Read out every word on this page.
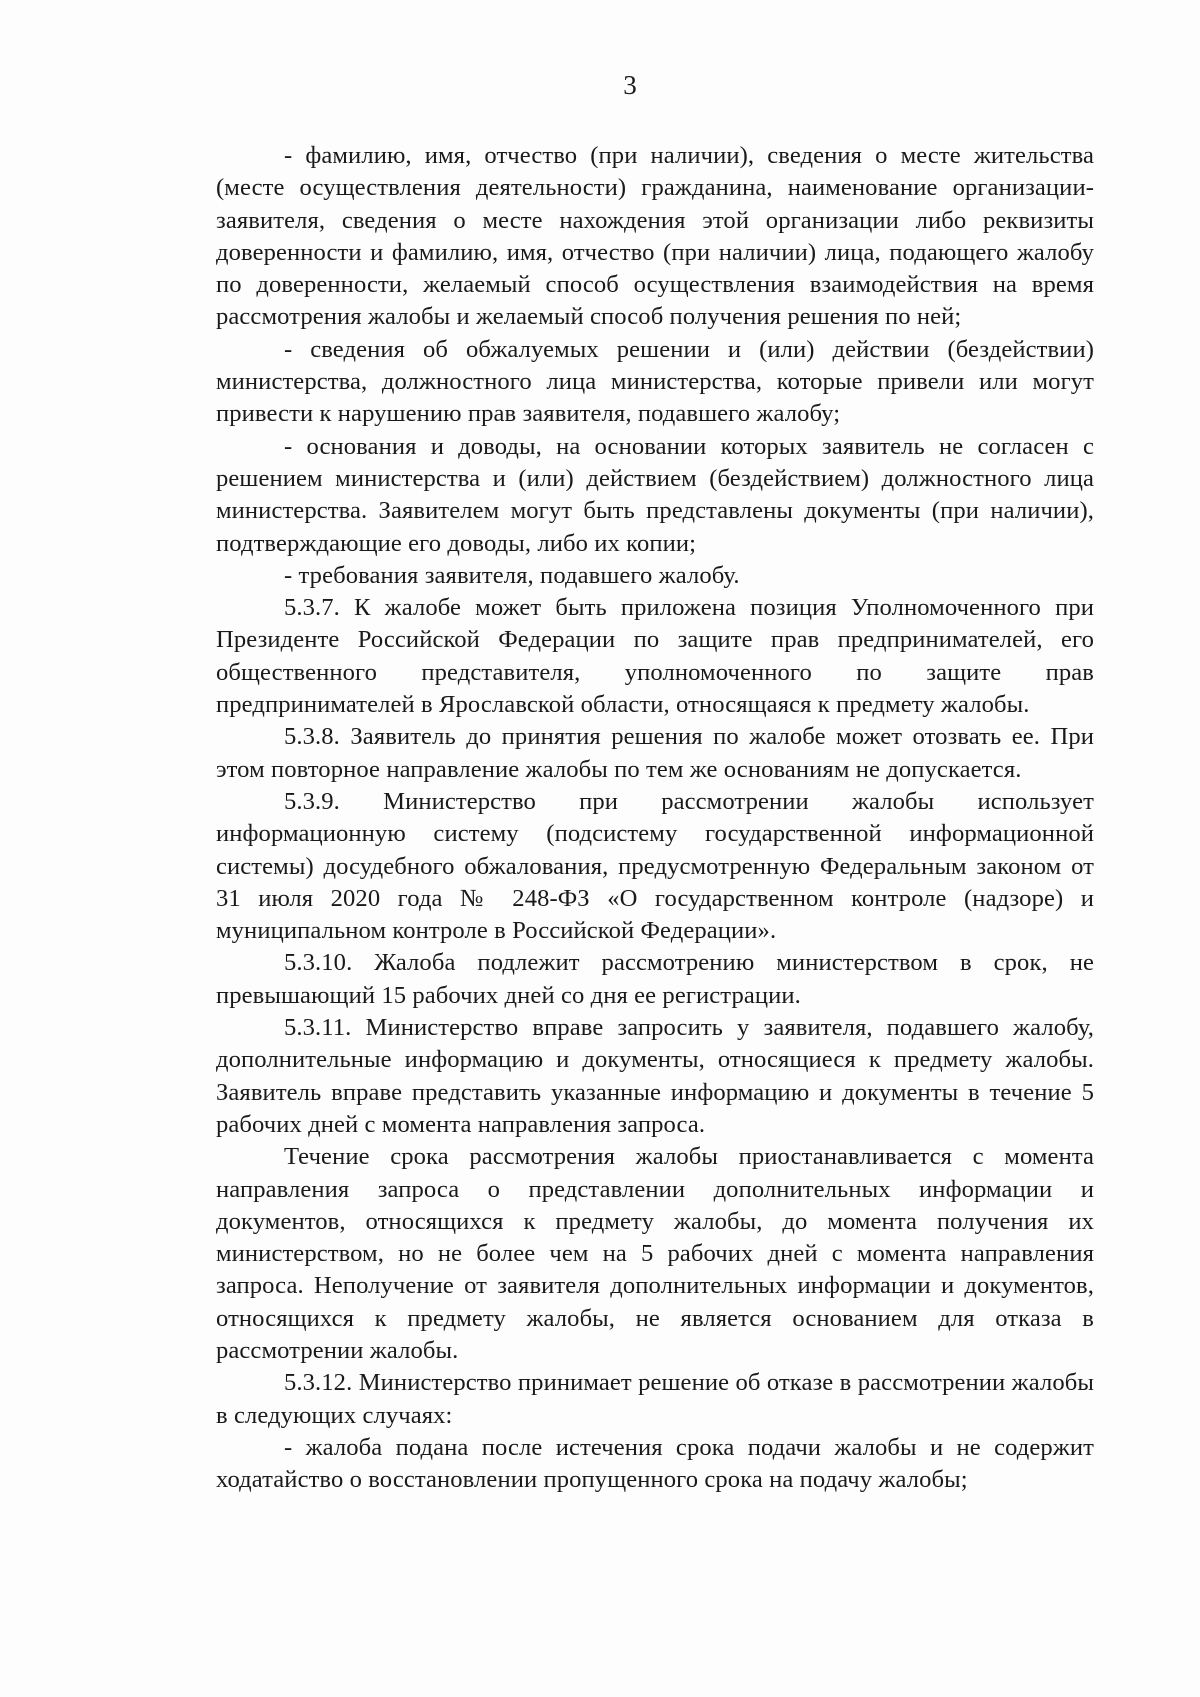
3

- фамилию, имя, отчество (при наличии), сведения о месте жительства (месте осуществления деятельности) гражданина, наименование организации-заявителя, сведения о месте нахождения этой организации либо реквизиты доверенности и фамилию, имя, отчество (при наличии) лица, подающего жалобу по доверенности, желаемый способ осуществления взаимодействия на время рассмотрения жалобы и желаемый способ получения решения по ней;

- сведения об обжалуемых решении и (или) действии (бездействии) министерства, должностного лица министерства, которые привели или могут привести к нарушению прав заявителя, подавшего жалобу;

- основания и доводы, на основании которых заявитель не согласен с решением министерства и (или) действием (бездействием) должностного лица министерства. Заявителем могут быть представлены документы (при наличии), подтверждающие его доводы, либо их копии;

- требования заявителя, подавшего жалобу.

5.3.7. К жалобе может быть приложена позиция Уполномоченного при Президенте Российской Федерации по защите прав предпринимателей, его общественного представителя, уполномоченного по защите прав предпринимателей в Ярославской области, относящаяся к предмету жалобы.

5.3.8. Заявитель до принятия решения по жалобе может отозвать ее. При этом повторное направление жалобы по тем же основаниям не допускается.

5.3.9. Министерство при рассмотрении жалобы использует информационную систему (подсистему государственной информационной системы) досудебного обжалования, предусмотренную Федеральным законом от 31 июля 2020 года № 248-ФЗ «О государственном контроле (надзоре) и муниципальном контроле в Российской Федерации».

5.3.10. Жалоба подлежит рассмотрению министерством в срок, не превышающий 15 рабочих дней со дня ее регистрации.

5.3.11. Министерство вправе запросить у заявителя, подавшего жалобу, дополнительные информацию и документы, относящиеся к предмету жалобы. Заявитель вправе представить указанные информацию и документы в течение 5 рабочих дней с момента направления запроса.

Течение срока рассмотрения жалобы приостанавливается с момента направления запроса о представлении дополнительных информации и документов, относящихся к предмету жалобы, до момента получения их министерством, но не более чем на 5 рабочих дней с момента направления запроса. Неполучение от заявителя дополнительных информации и документов, относящихся к предмету жалобы, не является основанием для отказа в рассмотрении жалобы.

5.3.12. Министерство принимает решение об отказе в рассмотрении жалобы в следующих случаях:

- жалоба подана после истечения срока подачи жалобы и не содержит ходатайство о восстановлении пропущенного срока на подачу жалобы;
